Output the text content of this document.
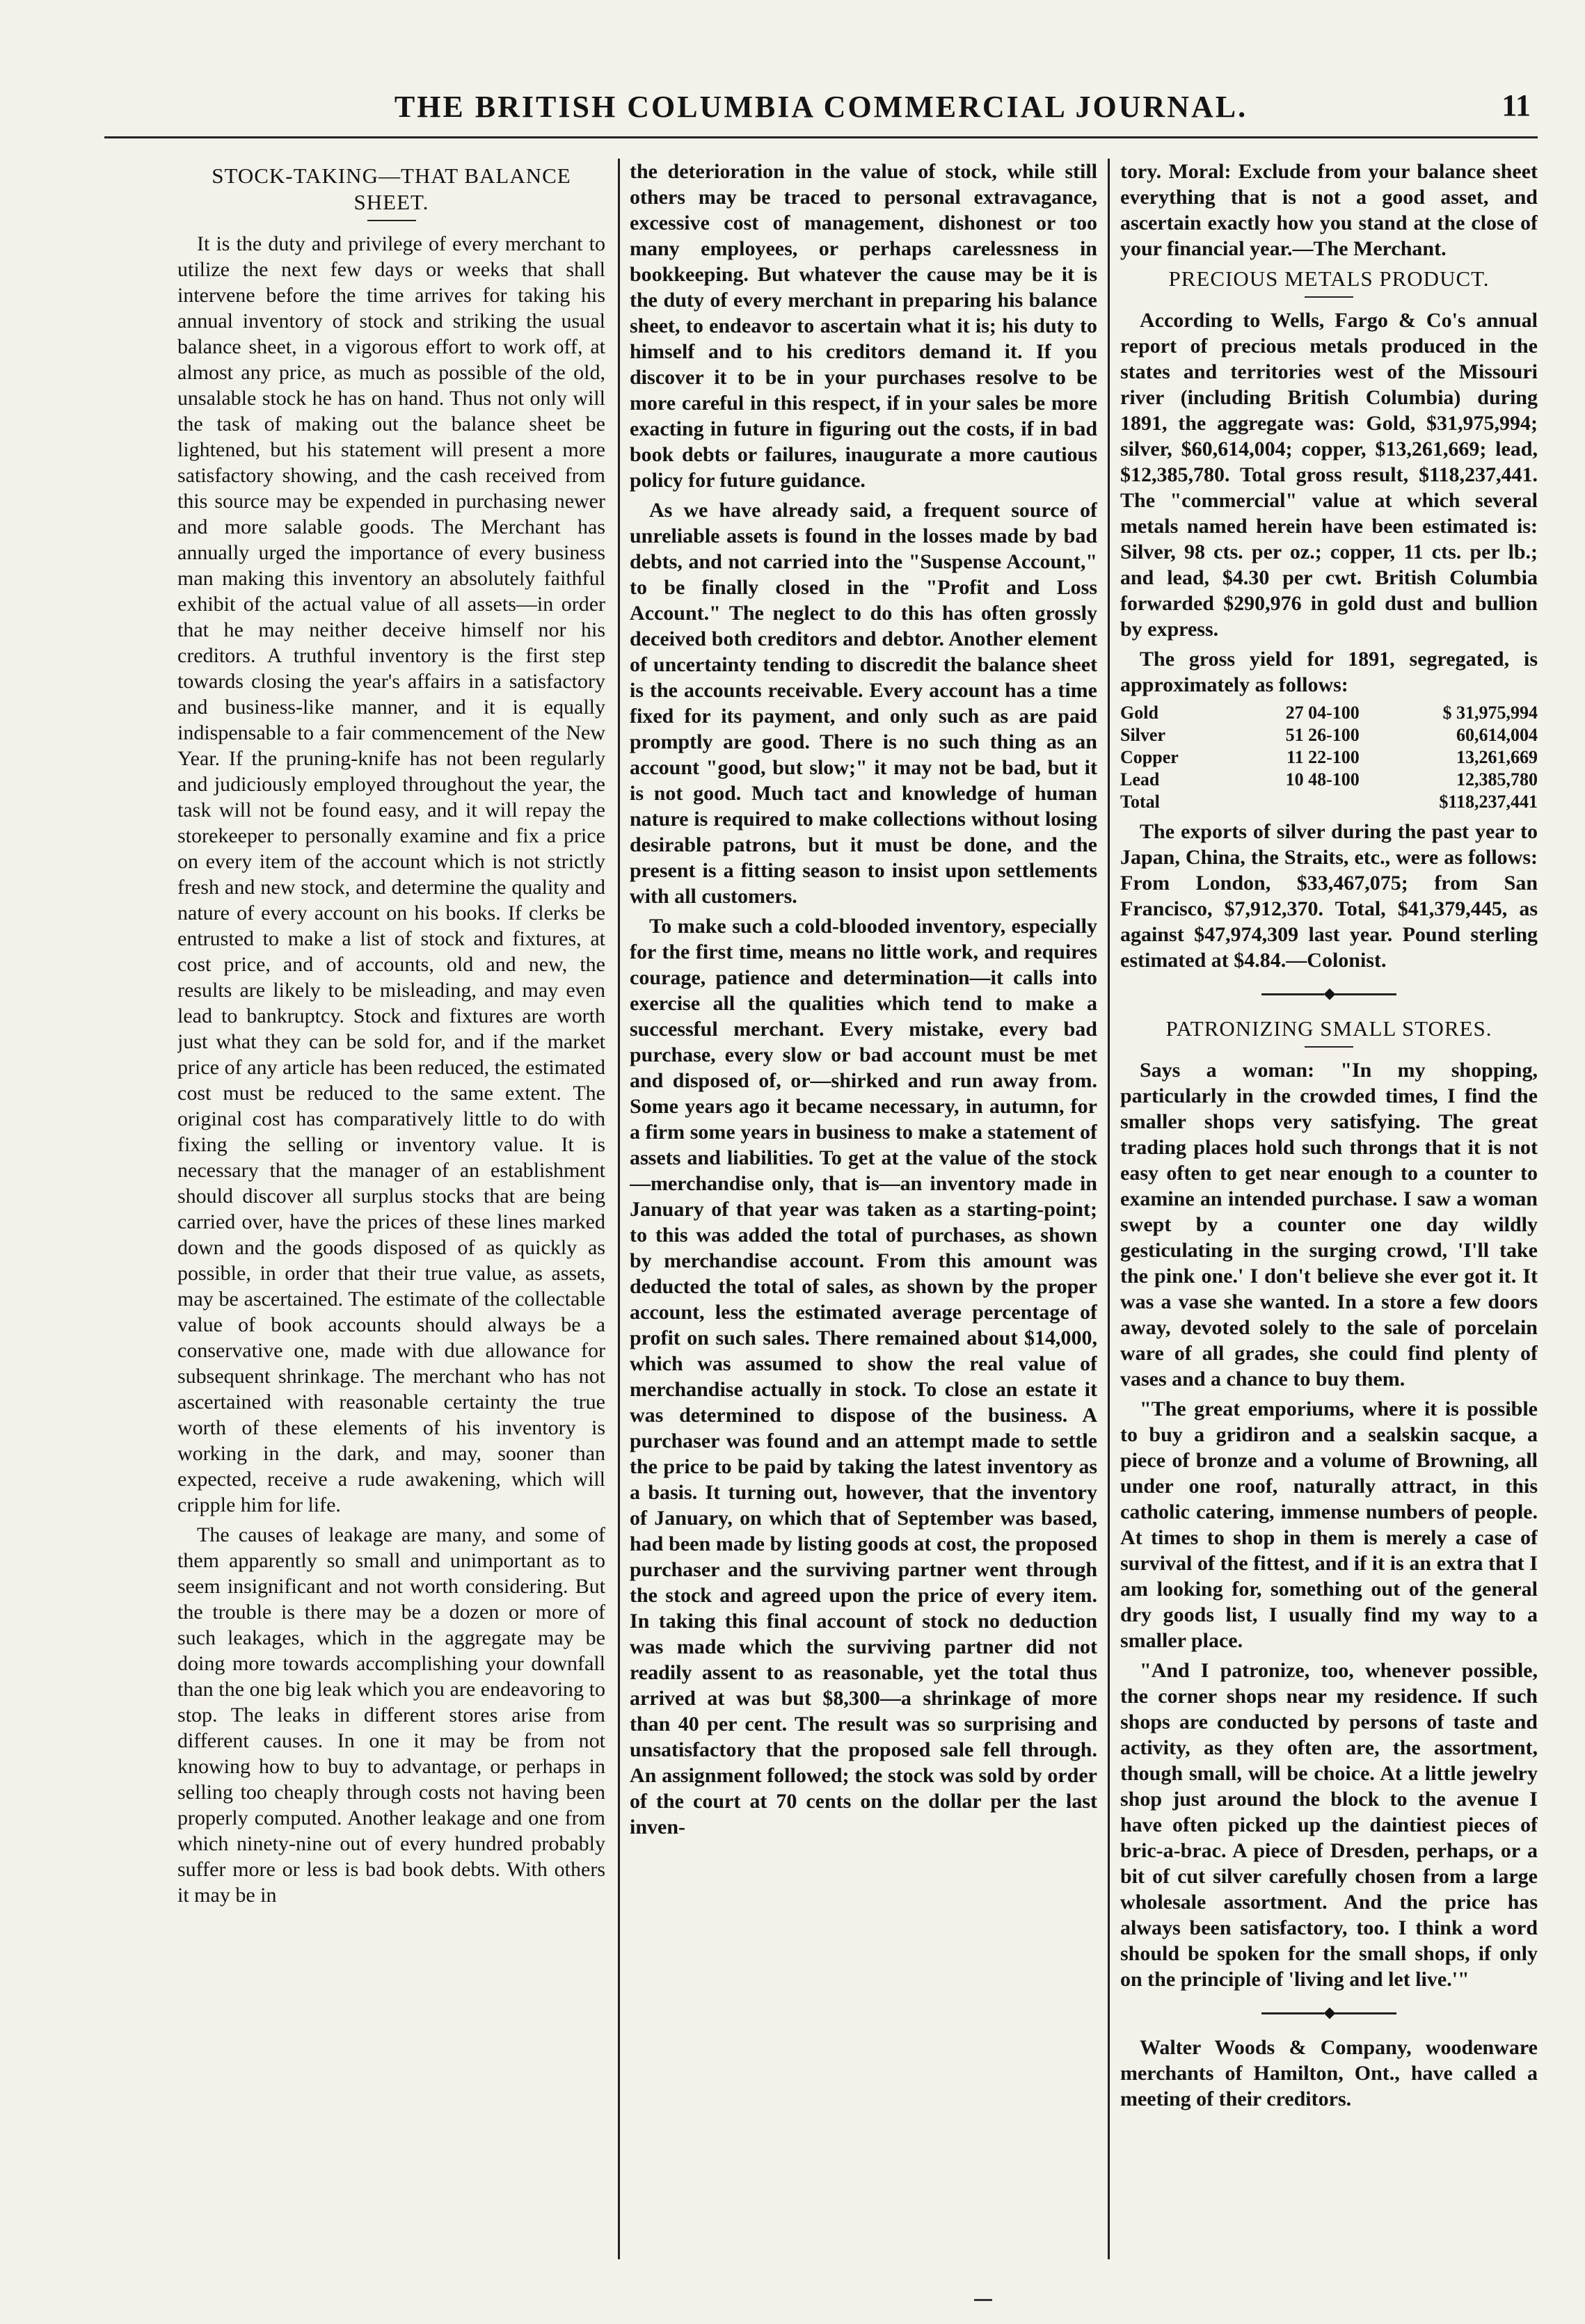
THE BRITISH COLUMBIA COMMERCIAL JOURNAL.	11
STOCK-TAKING—THAT BALANCE SHEET.

It is the duty and privilege of every merchant to utilize the next few days or weeks that shall intervene before the time arrives for taking his annual inventory of stock and striking the usual balance sheet, in a vigorous effort to work off, at almost any price, as much as possible of the old, unsalable stock he has on hand. Thus not only will the task of making out the balance sheet be lightened, but his statement will present a more satisfactory showing, and the cash received from this source may be expended in purchasing newer and more salable goods. The Merchant has annually urged the importance of every business man making this inventory an absolutely faithful exhibit of the actual value of all assets—in order that he may neither deceive himself nor his creditors. A truthful inventory is the first step towards closing the year's affairs in a satisfactory and business-like manner, and it is equally indispensable to a fair commencement of the New Year. If the pruning-knife has not been regularly and judiciously employed throughout the year, the task will not be found easy, and it will repay the storekeeper to personally examine and fix a price on every item of the account which is not strictly fresh and new stock, and determine the quality and nature of every account on his books. If clerks be entrusted to make a list of stock and fixtures, at cost price, and of accounts, old and new, the results are likely to be misleading, and may even lead to bankruptcy. Stock and fixtures are worth just what they can be sold for, and if the market price of any article has been reduced, the estimated cost must be reduced to the same extent. The original cost has comparatively little to do with fixing the selling or inventory value. It is necessary that the manager of an establishment should discover all surplus stocks that are being carried over, have the prices of these lines marked down and the goods disposed of as quickly as possible, in order that their true value, as assets, may be ascertained. The estimate of the collectable value of book accounts should always be a conservative one, made with due allowance for subsequent shrinkage. The merchant who has not ascertained with reasonable certainty the true worth of these elements of his inventory is working in the dark, and may, sooner than expected, receive a rude awakening, which will cripple him for life.

The causes of leakage are many, and some of them apparently so small and unimportant as to seem insignificant and not worth considering. But the trouble is there may be a dozen or more of such leakages, which in the aggregate may be doing more towards accomplishing your downfall than the one big leak which you are endeavoring to stop. The leaks in different stores arise from different causes. In one it may be from not knowing how to buy to advantage, or perhaps in selling too cheaply through costs not having been properly computed. Another leakage and one from which ninety-nine out of every hundred probably suffer more or less is bad book debts. With others it may be in

the deterioration in the value of stock, while still others may be traced to personal extravagance, excessive cost of management, dishonest or too many employees, or perhaps carelessness in bookkeeping. But whatever the cause may be it is the duty of every merchant in preparing his balance sheet, to endeavor to ascertain what it is; his duty to himself and to his creditors demand it. If you discover it to be in your purchases resolve to be more careful in this respect, if in your sales be more exacting in future in figuring out the costs, if in bad book debts or failures, inaugurate a more cautious policy for future guidance.

As we have already said, a frequent source of unreliable assets is found in the losses made by bad debts, and not carried into the "Suspense Account," to be finally closed in the "Profit and Loss Account." The neglect to do this has often grossly deceived both creditors and debtor. Another element of uncertainty tending to discredit the balance sheet is the accounts receivable. Every account has a time fixed for its payment, and only such as are paid promptly are good. There is no such thing as an account "good, but slow;" it may not be bad, but it is not good. Much tact and knowledge of human nature is required to make collections without losing desirable patrons, but it must be done, and the present is a fitting season to insist upon settlements with all customers.

To make such a cold-blooded inventory, especially for the first time, means no little work, and requires courage, patience and determination—it calls into exercise all the qualities which tend to make a successful merchant. Every mistake, every bad purchase, every slow or bad account must be met and disposed of, or—shirked and run away from. Some years ago it became necessary, in autumn, for a firm some years in business to make a statement of assets and liabilities. To get at the value of the stock—merchandise only, that is—an inventory made in January of that year was taken as a starting-point; to this was added the total of purchases, as shown by merchandise account. From this amount was deducted the total of sales, as shown by the proper account, less the estimated average percentage of profit on such sales. There remained about $14,000, which was assumed to show the real value of merchandise actually in stock. To close an estate it was determined to dispose of the business. A purchaser was found and an attempt made to settle the price to be paid by taking the latest inventory as a basis. It turning out, however, that the inventory of January, on which that of September was based, had been made by listing goods at cost, the proposed purchaser and the surviving partner went through the stock and agreed upon the price of every item. In taking this final account of stock no deduction was made which the surviving partner did not readily assent to as reasonable, yet the total thus arrived at was but $8,300—a shrinkage of more than 40 per cent. The result was so surprising and unsatisfactory that the proposed sale fell through. An assignment followed; the stock was sold by order of the court at 70 cents on the dollar per the last inven-

tory. Moral: Exclude from your balance sheet everything that is not a good asset, and ascertain exactly how you stand at the close of your financial year.—The Merchant.

PRECIOUS METALS PRODUCT.

According to Wells, Fargo & Co's annual report of precious metals produced in the states and territories west of the Missouri river (including British Columbia) during 1891, the aggregate was: Gold, $31,975,994; silver, $60,614,004; copper, $13,261,669; lead, $12,385,780. Total gross result, $118,237,441. The "commercial" value at which several metals named herein have been estimated is: Silver, 98 cts. per oz.; copper, 11 cts. per lb.; and lead, $4.30 per cwt. British Columbia forwarded $290,976 in gold dust and bullion by express.

The gross yield for 1891, segregated, is approximately as follows:

Gold	27 04-100	$ 31,975,994
Silver	51 26-100	60,614,004
Copper	11 22-100	13,261,669
Lead	10 48-100	12,385,780
Total		$118,237,441

The exports of silver during the past year to Japan, China, the Straits, etc., were as follows: From London, $33,467,075; from San Francisco, $7,912,370. Total, $41,379,445, as against $47,974,309 last year. Pound sterling estimated at $4.84.—Colonist.

◆
PATRONIZING SMALL STORES.

Says a woman: "In my shopping, particularly in the crowded times, I find the smaller shops very satisfying. The great trading places hold such throngs that it is not easy often to get near enough to a counter to examine an intended purchase. I saw a woman swept by a counter one day wildly gesticulating in the surging crowd, 'I'll take the pink one.' I don't believe she ever got it. It was a vase she wanted. In a store a few doors away, devoted solely to the sale of porcelain ware of all grades, she could find plenty of vases and a chance to buy them.

"The great emporiums, where it is possible to buy a gridiron and a sealskin sacque, a piece of bronze and a volume of Browning, all under one roof, naturally attract, in this catholic catering, immense numbers of people. At times to shop in them is merely a case of survival of the fittest, and if it is an extra that I am looking for, something out of the general dry goods list, I usually find my way to a smaller place.

"And I patronize, too, whenever possible, the corner shops near my residence. If such shops are conducted by persons of taste and activity, as they often are, the assortment, though small, will be choice. At a little jewelry shop just around the block to the avenue I have often picked up the daintiest pieces of bric-a-brac. A piece of Dresden, perhaps, or a bit of cut silver carefully chosen from a large wholesale assortment. And the price has always been satisfactory, too. I think a word should be spoken for the small shops, if only on the principle of 'living and let live.'"

◆

Walter Woods & Company, woodenware merchants of Hamilton, Ont., have called a meeting of their creditors.
